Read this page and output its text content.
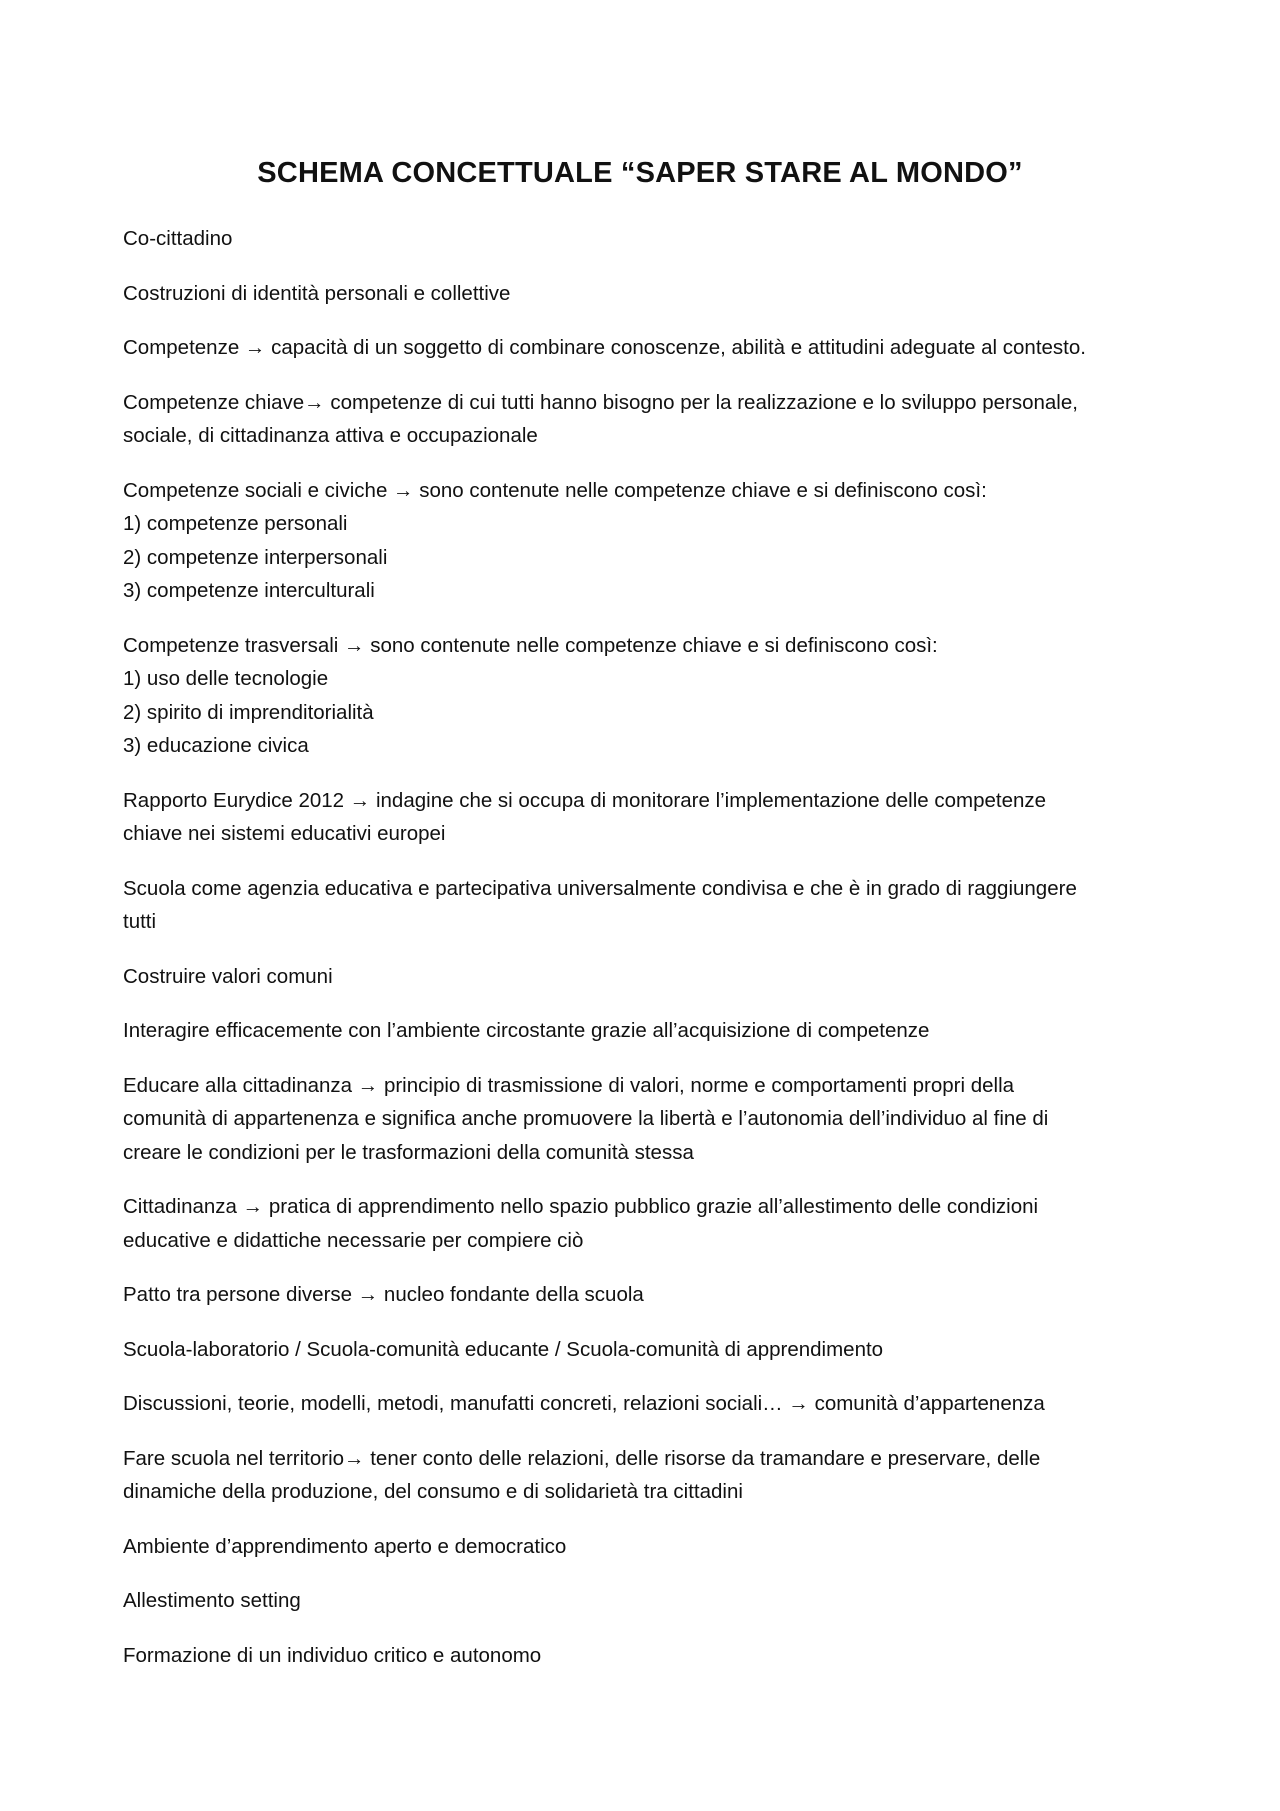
SCHEMA CONCETTUALE “SAPER STARE AL MONDO”
Co-cittadino
Costruzioni di identità personali e collettive
Competenze → capacità di un soggetto di combinare conoscenze, abilità e attitudini adeguate al contesto.
Competenze chiave→ competenze di cui tutti hanno bisogno per la realizzazione e lo sviluppo personale,
sociale, di cittadinanza attiva e occupazionale
Competenze sociali e civiche → sono contenute nelle competenze chiave e si definiscono così:
1) competenze personali
2) competenze interpersonali
3) competenze interculturali
Competenze trasversali → sono contenute nelle competenze chiave e si definiscono così:
1) uso delle tecnologie
2) spirito di imprenditorialità
3) educazione civica
Rapporto Eurydice 2012 → indagine che si occupa di monitorare l’implementazione delle competenze
chiave nei sistemi educativi europei
Scuola come agenzia educativa e partecipativa universalmente condivisa e che è in grado di raggiungere
tutti
Costruire valori comuni
Interagire efficacemente con l’ambiente circostante grazie all’acquisizione di competenze
Educare alla cittadinanza → principio di trasmissione di valori, norme e comportamenti propri della
comunità di appartenenza e significa anche promuovere la libertà e l’autonomia dell’individuo al fine di
creare le condizioni per le trasformazioni della comunità stessa
Cittadinanza → pratica di apprendimento nello spazio pubblico grazie all’allestimento delle condizioni
educative e didattiche necessarie per compiere ciò
Patto tra persone diverse → nucleo fondante della scuola
Scuola-laboratorio / Scuola-comunità educante / Scuola-comunità di apprendimento
Discussioni, teorie, modelli, metodi, manufatti concreti, relazioni sociali… → comunità d’appartenenza
Fare scuola nel territorio→ tener conto delle relazioni, delle risorse da tramandare e preservare, delle
dinamiche della produzione, del consumo e di solidarietà tra cittadini
Ambiente d’apprendimento aperto e democratico
Allestimento setting
Formazione di un individuo critico e autonomo
